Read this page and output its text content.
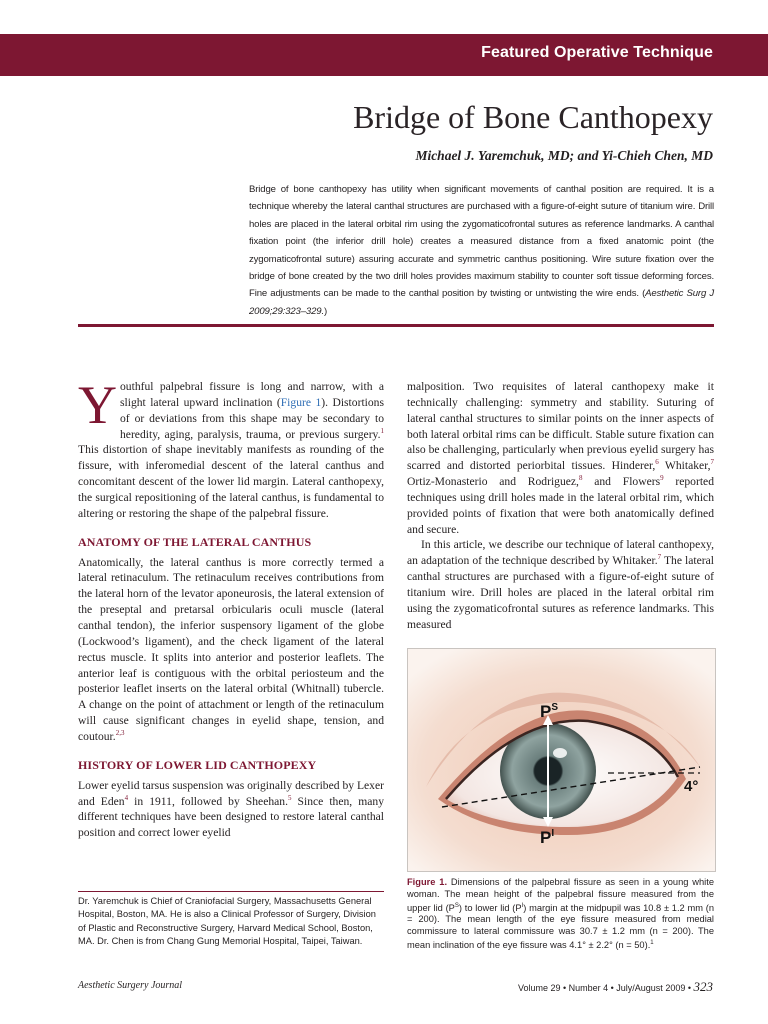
Featured Operative Technique
Bridge of Bone Canthopexy
Michael J. Yaremchuk, MD; and Yi-Chieh Chen, MD
Bridge of bone canthopexy has utility when significant movements of canthal position are required. It is a technique whereby the lateral canthal structures are purchased with a figure-of-eight suture of titanium wire. Drill holes are placed in the lateral orbital rim using the zygomaticofrontal sutures as reference landmarks. A canthal fixation point (the inferior drill hole) creates a measured distance from a fixed anatomic point (the zygomaticofrontal suture) assuring accurate and symmetric canthus positioning. Wire suture fixation over the bridge of bone created by the two drill holes provides maximum stability to counter soft tissue deforming forces. Fine adjustments can be made to the canthal position by twisting or untwisting the wire ends. (Aesthetic Surg J 2009;29:323–329.)

Youthful palpebral fissure is long and narrow, with a slight lateral upward inclination (Figure 1). Distortions of or deviations from this shape may be secondary to heredity, aging, paralysis, trauma, or previous surgery.$^1$ This distortion of shape inevitably manifests as rounding of the fissure, with inferomedial descent of the lateral canthus and concomitant descent of the lower lid margin. Lateral canthopexy, the surgical repositioning of the lateral canthus, is fundamental to altering or restoring the shape of the palpebral fissure.

ANATOMY OF THE LATERAL CANTHUS

Anatomically, the lateral canthus is more correctly termed a lateral retinaculum. The retinaculum receives contributions from the lateral horn of the levator aponeurosis, the lateral extension of the preseptal and pretarsal orbicularis oculi muscle (lateral canthal tendon), the inferior suspensory ligament of the globe (Lockwood’s ligament), and the check ligament of the lateral rectus muscle. It splits into anterior and posterior leaflets. The anterior leaf is contiguous with the orbital periosteum and the posterior leaflet inserts on the lateral orbital (Whitnall) tubercle. A change on the point of attachment or length of the retinaculum will cause significant changes in eyelid shape, tension, and coutour.$^{2,3}$

HISTORY OF LOWER LID CANTHOPEXY

Lower eyelid tarsus suspension was originally described by Lexer and Eden$^4$ in 1911, followed by Sheehan.$^5$ Since then, many different techniques have been designed to restore lateral canthal position and correct lower eyelid

malposition. Two requisites of lateral canthopexy make it technically challenging: symmetry and stability. Suturing of lateral canthal structures to similar points on the inner aspects of both lateral orbital rims can be difficult. Stable suture fixation can also be challenging, particularly when previous eyelid surgery has scarred and distorted periorbital tissues. Hinderer,$^6$ Whitaker,$^7$ Ortiz-Monasterio and Rodriguez,$^8$ and Flowers$^9$ reported techniques using drill holes made in the lateral orbital rim, which provided points of fixation that were both anatomically defined and secure.

In this article, we describe our technique of lateral canthopexy, an adaptation of the technique described by Whitaker.$^7$ The lateral canthal structures are purchased with a figure-of-eight suture of titanium wire. Drill holes are placed in the lateral orbital rim using the zygomaticofrontal sutures as reference landmarks. This measured

$P^S$
$P^I$
4°
Figure 1. Dimensions of the palpebral fissure as seen in a young white woman. The mean height of the palpebral fissure measured from the upper lid $(P^S)$ to lower lid $(P^I)$ margin at the midpupil was 10.8 ± 1.2 mm (n = 200). The mean length of the eye fissure measured from medial commissure to lateral commissure was 30.7 ± 1.2 mm (n = 200). The mean inclination of the eye fissure was 4.1° ± 2.2° (n = 50).$^1$
Dr. Yaremchuk is Chief of Craniofacial Surgery, Massachusetts General Hospital, Boston, MA. He is also a Clinical Professor of Surgery, Division of Plastic and Reconstructive Surgery, Harvard Medical School, Boston, MA. Dr. Chen is from Chang Gung Memorial Hospital, Taipei, Taiwan.
Aesthetic Surgery Journal	Volume 29 • Number 4 • July/August 2009 • 323
